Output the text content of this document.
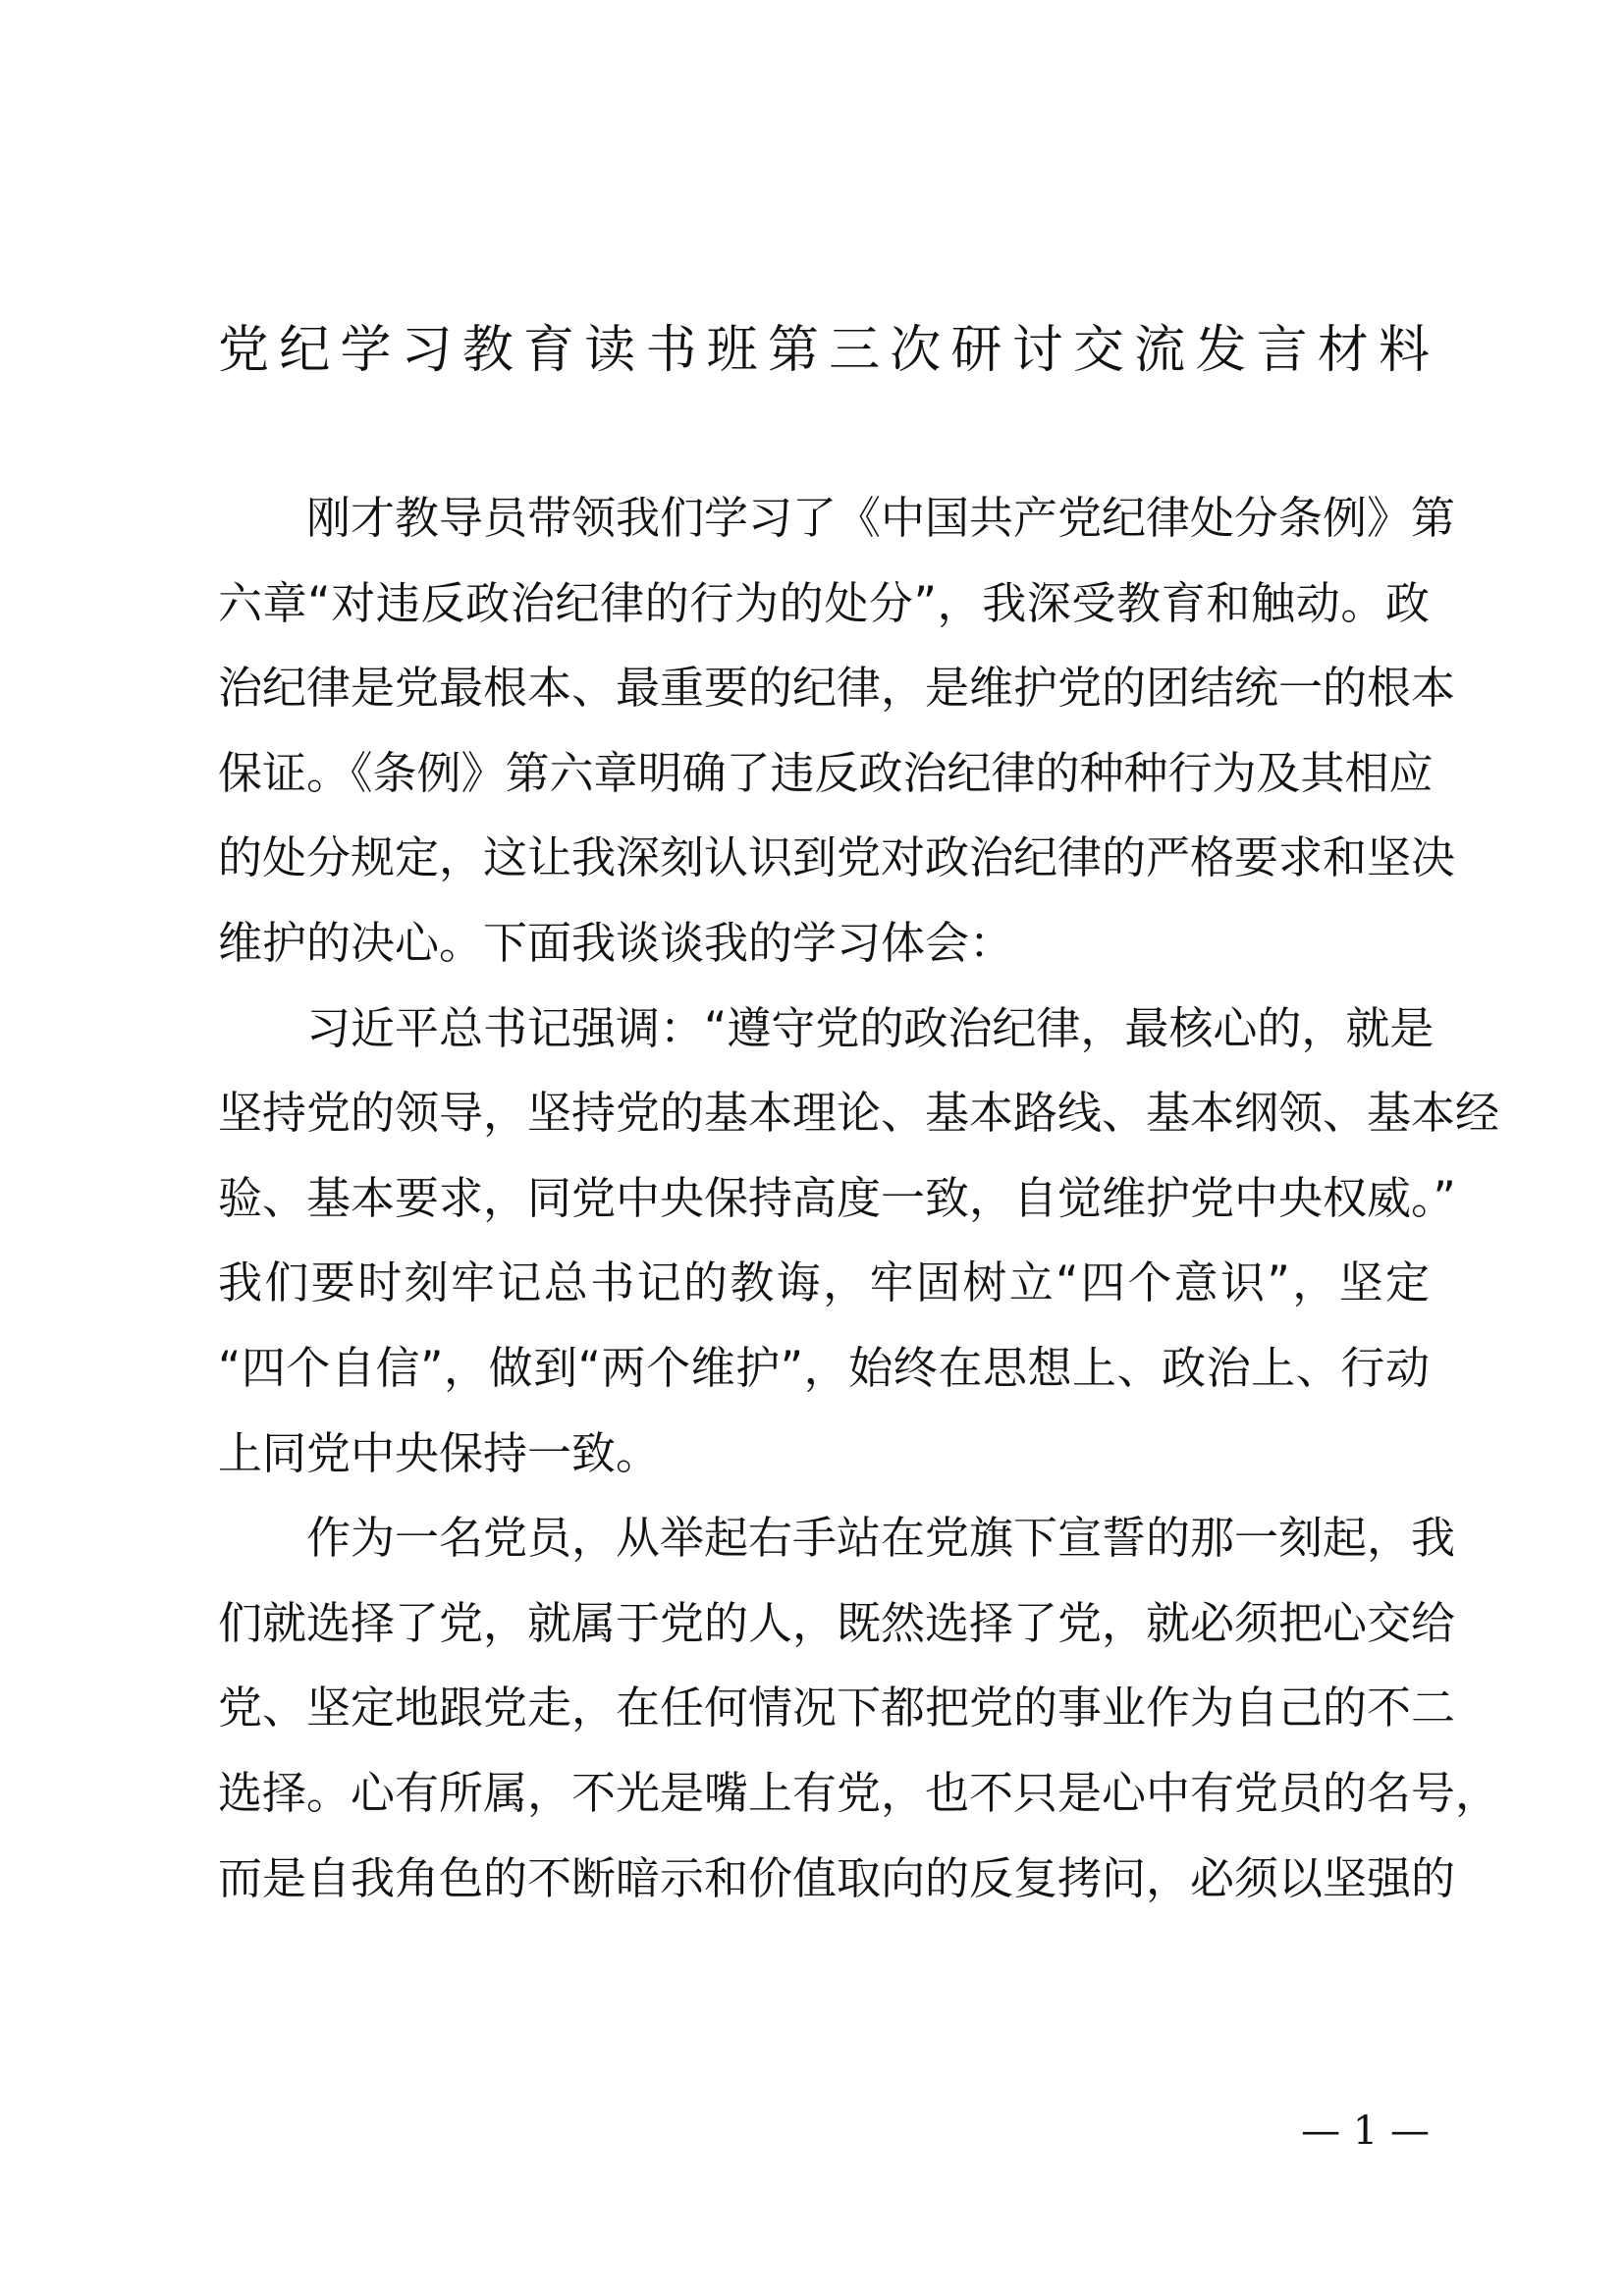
党纪学习教育读书班第三次研讨交流发言材料
刚才教导员带领我们学习了《中国共产党纪律处分条例》第
六章“对违反政治纪律的行为的处分”，我深受教育和触动。政
治纪律是党最根本、最重要的纪律，是维护党的团结统一的根本
保证。《条例》第六章明确了违反政治纪律的种种行为及其相应
的处分规定，这让我深刻认识到党对政治纪律的严格要求和坚决
维护的决心。下面我谈谈我的学习体会：
习近平总书记强调：“遵守党的政治纪律，最核心的，就是
坚持党的领导，坚持党的基本理论、基本路线、基本纲领、基本经
验、基本要求，同党中央保持高度一致，自觉维护党中央权威。”
我们要时刻牢记总书记的教诲，牢固树立“四个意识”，坚定
“四个自信”，做到“两个维护”，始终在思想上、政治上、行动
上同党中央保持一致。
作为一名党员，从举起右手站在党旗下宣誓的那一刻起，我
们就选择了党，就属于党的人，既然选择了党，就必须把心交给
党、坚定地跟党走，在任何情况下都把党的事业作为自己的不二
选择。心有所属，不光是嘴上有党，也不只是心中有党员的名号，
而是自我角色的不断暗示和价值取向的反复拷问，必须以坚强的
— 1 —
